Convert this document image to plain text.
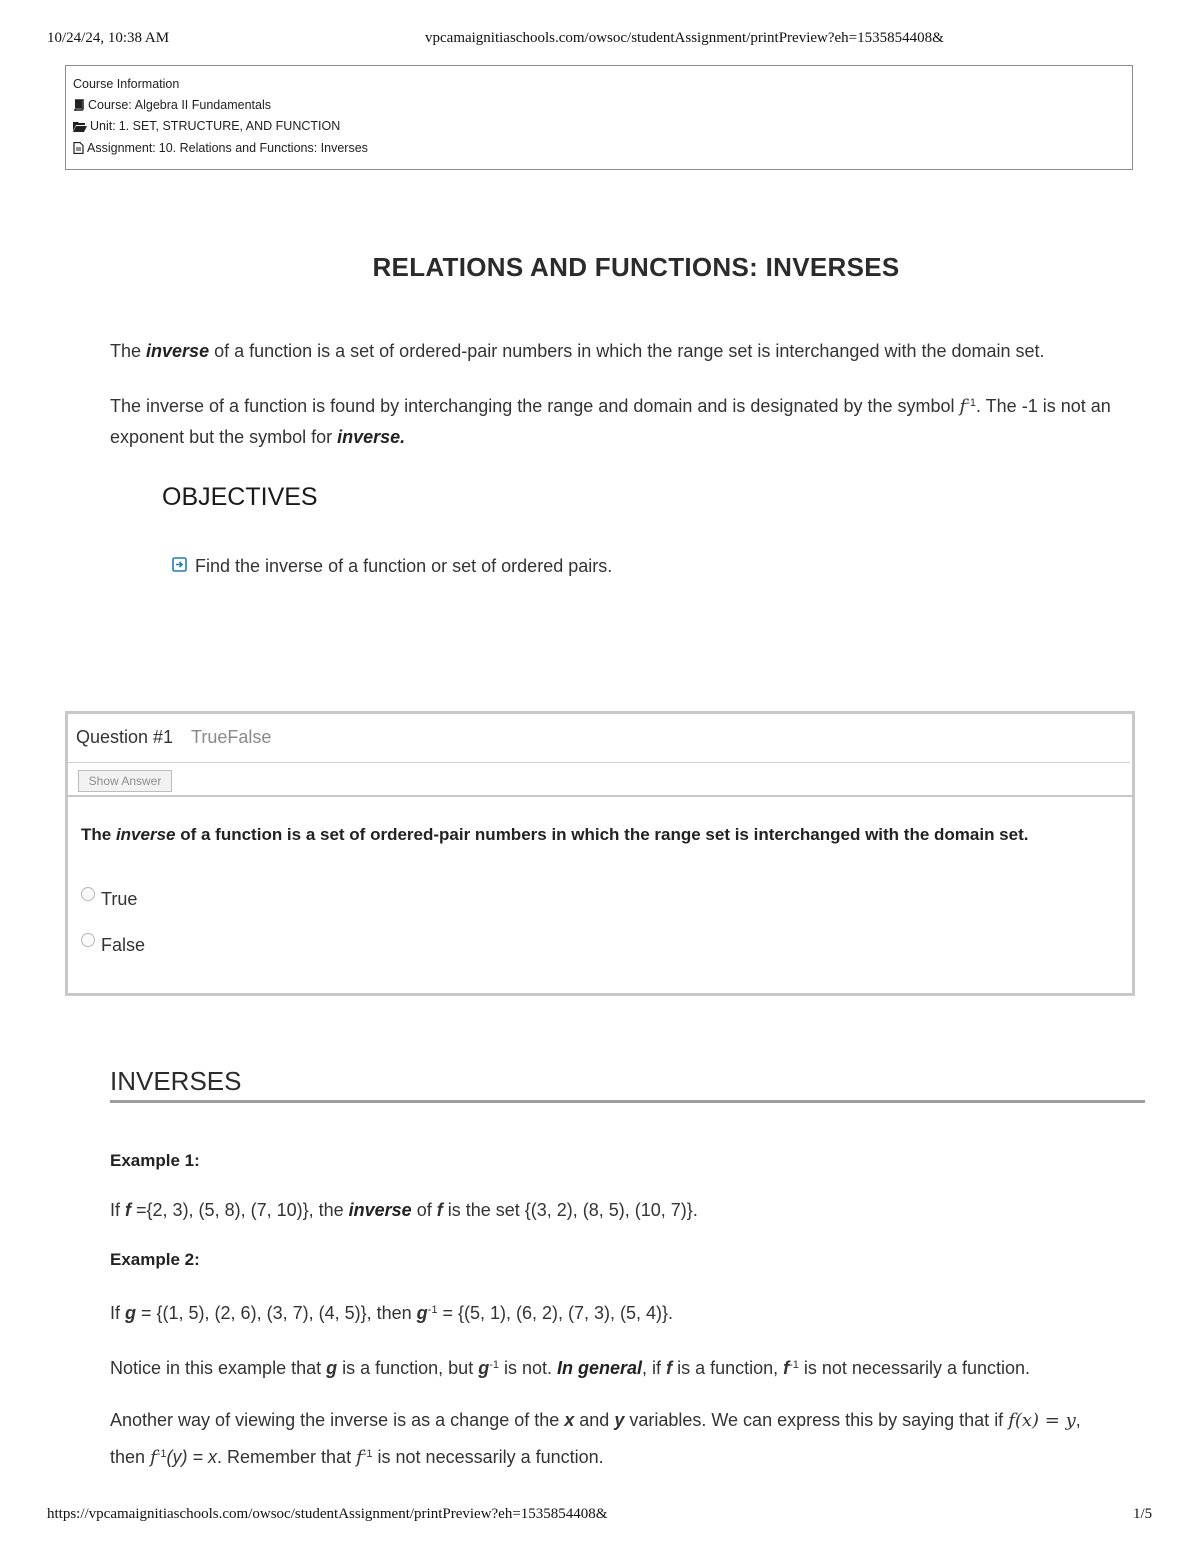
10/24/24, 10:38 AM	vpcamaignitiaschools.com/owsoc/studentAssignment/printPreview?eh=1535854408&
Course Information
Course: Algebra II Fundamentals
Unit: 1. SET, STRUCTURE, AND FUNCTION
Assignment: 10. Relations and Functions: Inverses
RELATIONS AND FUNCTIONS: INVERSES
The inverse of a function is a set of ordered-pair numbers in which the range set is interchanged with the domain set.
The inverse of a function is found by interchanging the range and domain and is designated by the symbol $f^{-1}$. The -1 is not an exponent but the symbol for inverse.
OBJECTIVES
Find the inverse of a function or set of ordered pairs.
Question #1 TrueFalse
Show Answer
The inverse of a function is a set of ordered-pair numbers in which the range set is interchanged with the domain set.
True
False
INVERSES
Example 1:
If f ={2, 3), (5, 8), (7, 10)}, the inverse of f is the set {(3, 2), (8, 5), (10, 7)}.
Example 2:
If g = {(1, 5), (2, 6), (3, 7), (4, 5)}, then $g^{-1} = \{(5$, 1), (6, 2), (7, 3), (5, 4)}.
Notice in this example that g is a function, but $g^{-1}$ is not. In general, if f is a function, $f^{-1}$ is not necessarily a function.
Another way of viewing the inverse is as a change of the x and y variables. We can express this by saying that if f(x) = y,
then $f^{-1}(y) = x$. Remember that $f^{-1}$ is not necessarily a function.
https://vpcamaignitiaschools.com/owsoc/studentAssignment/printPreview?eh=1535854408&	1/5
